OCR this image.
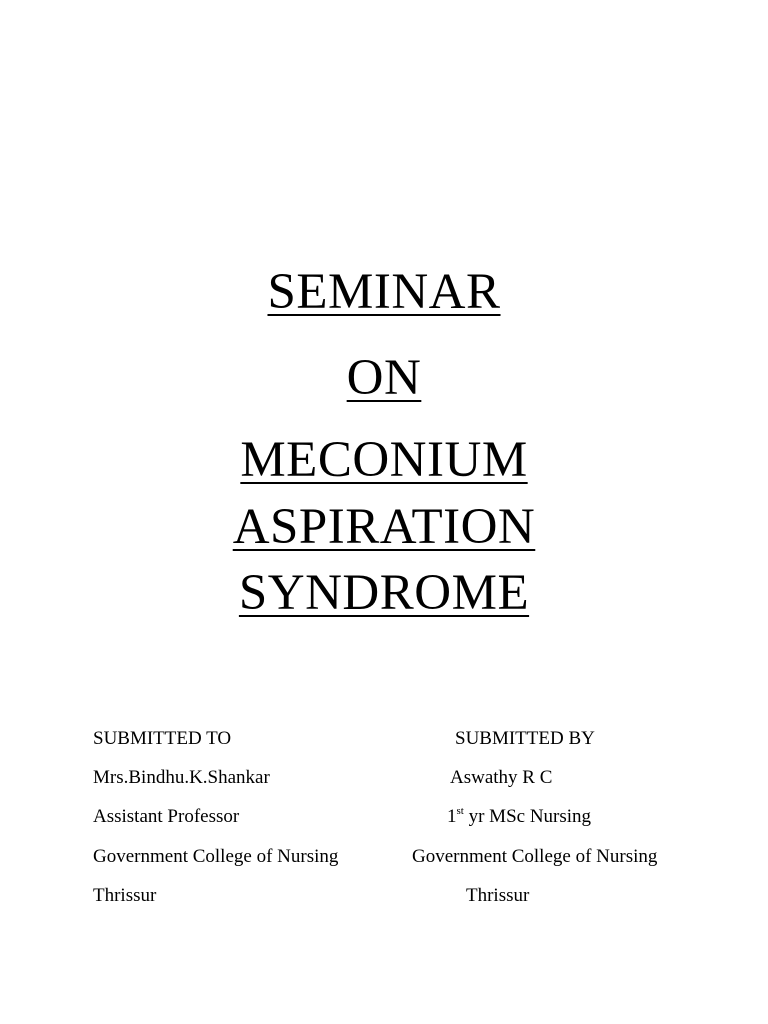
SEMINAR
ON
MECONIUM
ASPIRATION
SYNDROME
SUBMITTED TO
Mrs.Bindhu.K.Shankar
Assistant Professor
Government College of Nursing
Thrissur
SUBMITTED BY
Aswathy R C
1st yr MSc Nursing
Government College of Nursing
Thrissur
